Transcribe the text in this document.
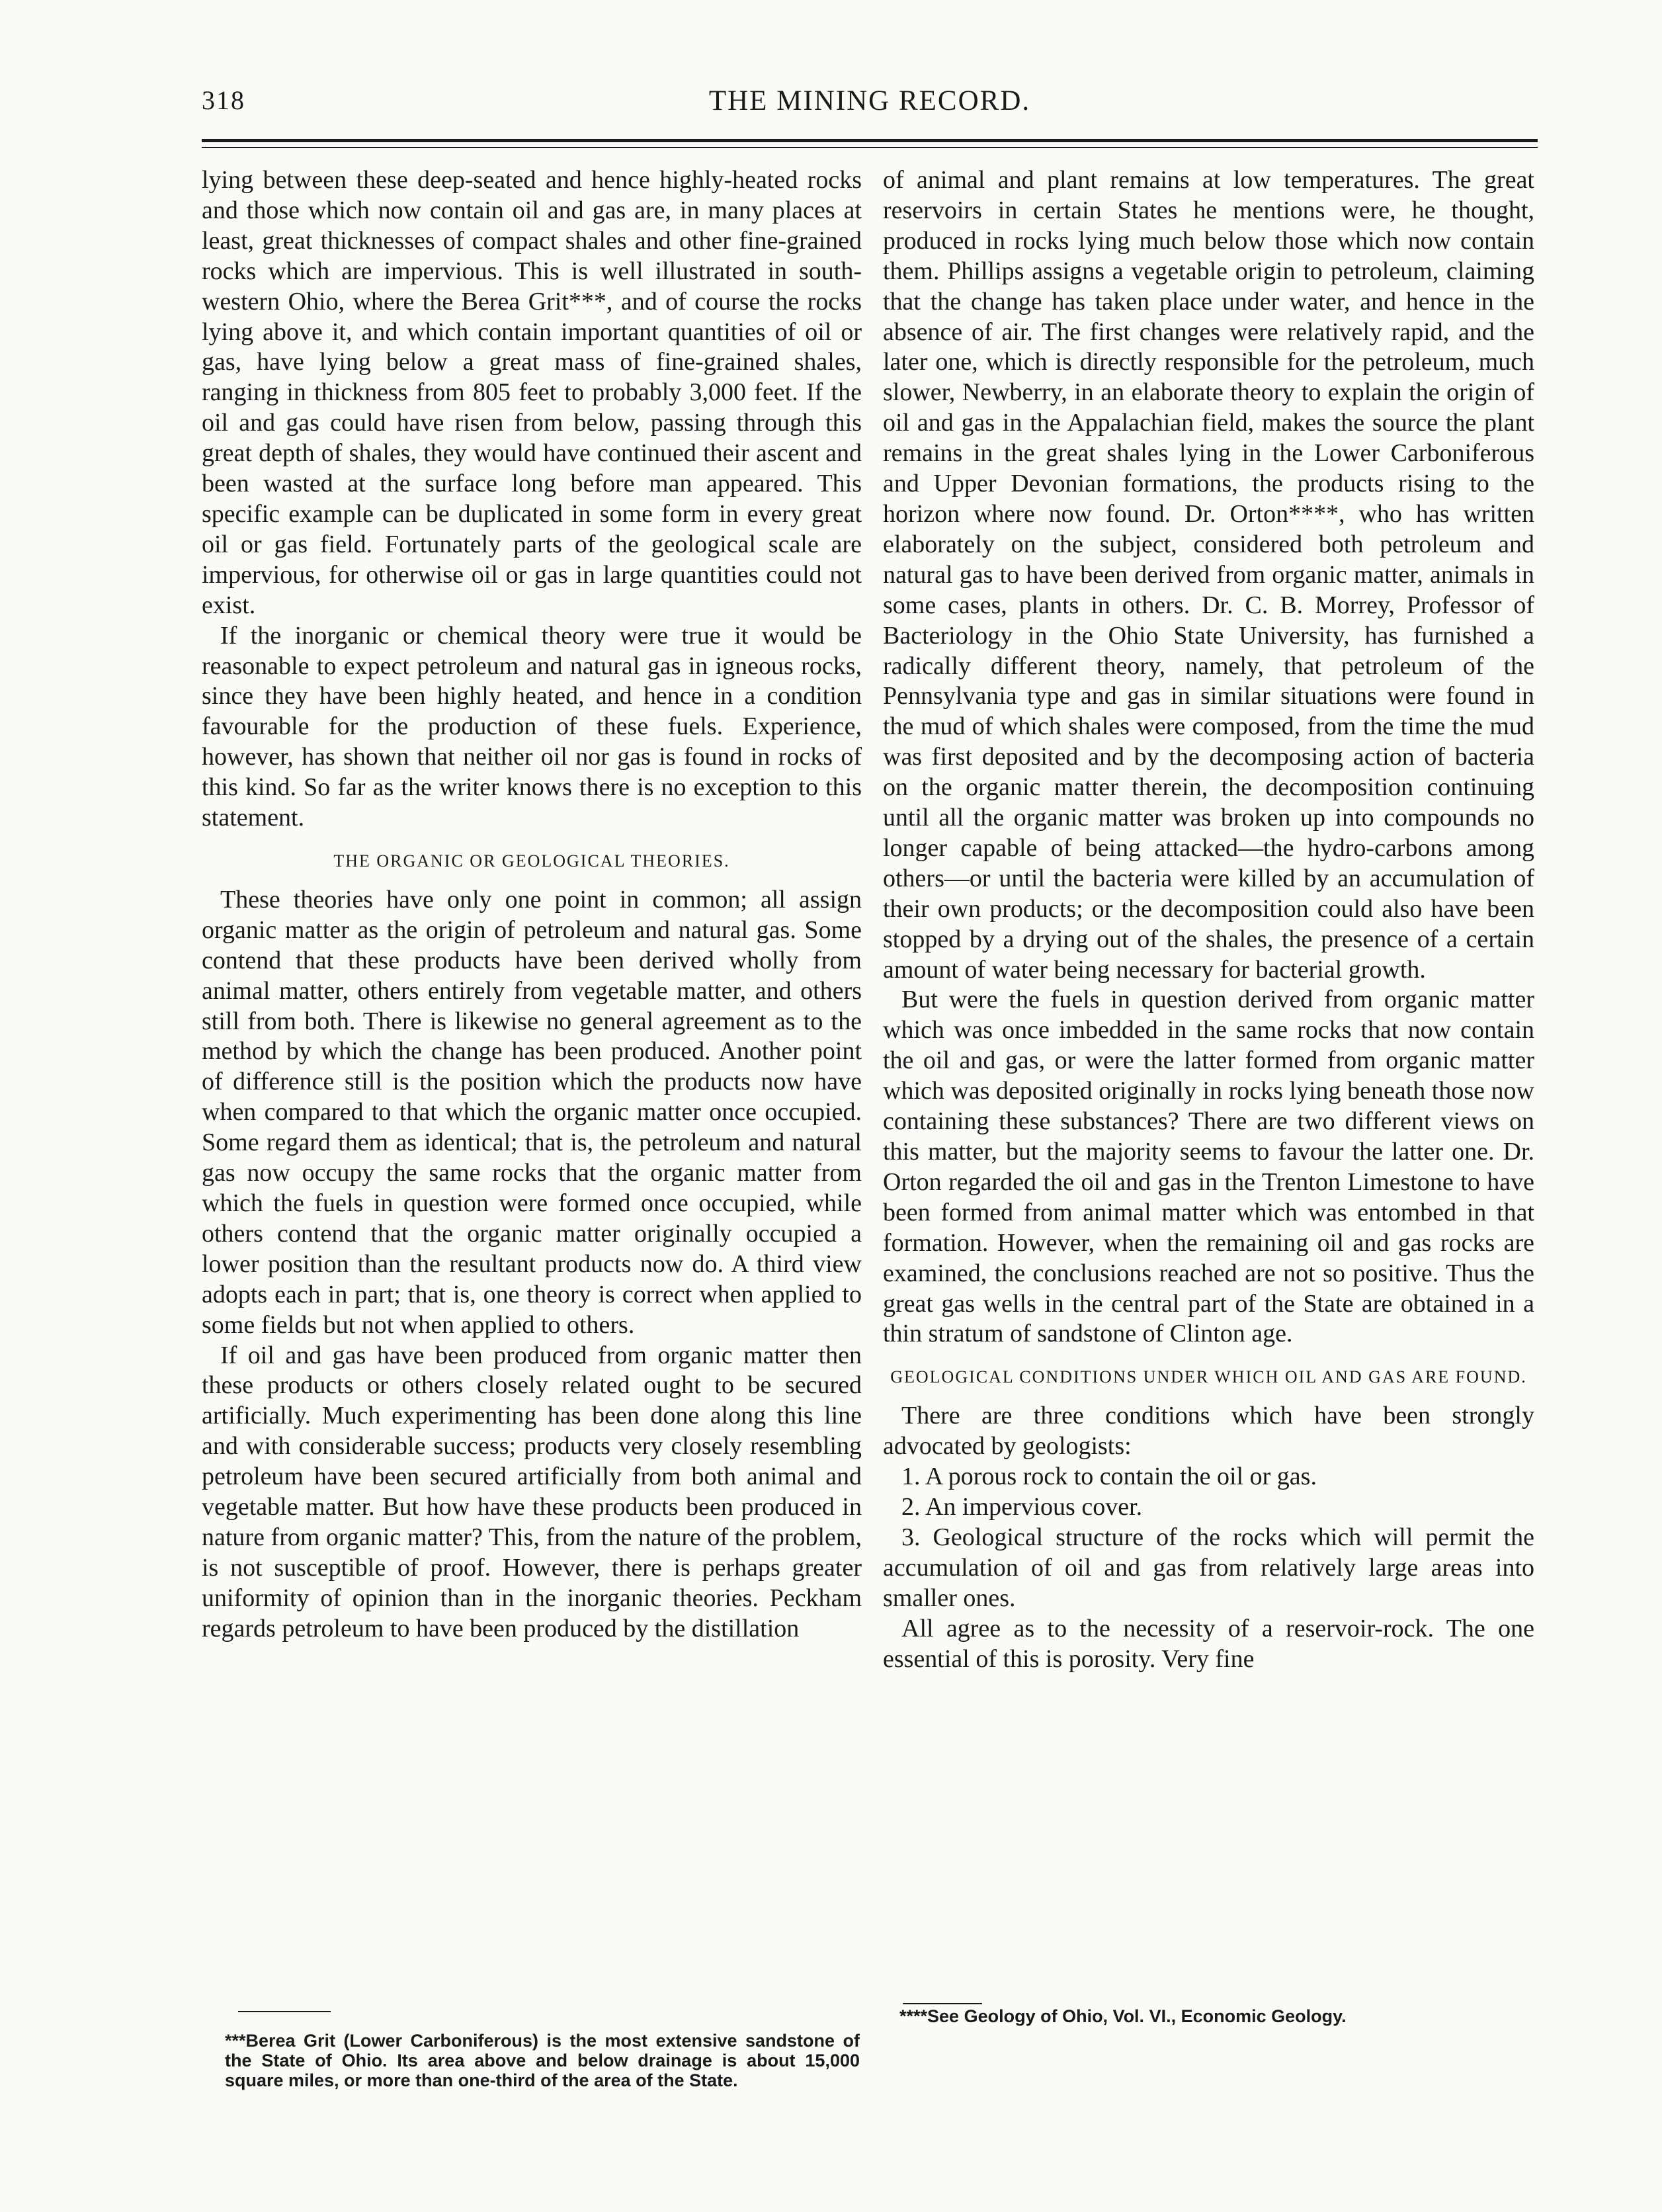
318	THE MINING RECORD.

lying between these deep-seated and hence highly-heated rocks and those which now contain oil and gas are, in many places at least, great thicknesses of compact shales and other fine-grained rocks which are impervious. This is well illustrated in south-western Ohio, where the Berea Grit***, and of course the rocks lying above it, and which contain important quantities of oil or gas, have lying below a great mass of fine-grained shales, ranging in thickness from 805 feet to probably 3,000 feet. If the oil and gas could have risen from below, passing through this great depth of shales, they would have continued their ascent and been wasted at the surface long before man appeared. This specific example can be duplicated in some form in every great oil or gas field. Fortunately parts of the geological scale are impervious, for otherwise oil or gas in large quantities could not exist.

If the inorganic or chemical theory were true it would be reasonable to expect petroleum and natural gas in igneous rocks, since they have been highly heated, and hence in a condition favourable for the production of these fuels. Experience, however, has shown that neither oil nor gas is found in rocks of this kind. So far as the writer knows there is no exception to this statement.

THE ORGANIC OR GEOLOGICAL THEORIES.

These theories have only one point in common; all assign organic matter as the origin of petroleum and natural gas. Some contend that these products have been derived wholly from animal matter, others entirely from vegetable matter, and others still from both. There is likewise no general agreement as to the method by which the change has been produced. Another point of difference still is the position which the products now have when compared to that which the organic matter once occupied. Some regard them as identical; that is, the petroleum and natural gas now occupy the same rocks that the organic matter from which the fuels in question were formed once occupied, while others contend that the organic matter originally occupied a lower position than the resultant products now do. A third view adopts each in part; that is, one theory is correct when applied to some fields but not when applied to others.

If oil and gas have been produced from organic matter then these products or others closely related ought to be secured artificially. Much experimenting has been done along this line and with considerable success; products very closely resembling petroleum have been secured artificially from both animal and vegetable matter. But how have these products been produced in nature from organic matter? This, from the nature of the problem, is not susceptible of proof. However, there is perhaps greater uniformity of opinion than in the inorganic theories. Peckham regards petroleum to have been produced by the distillation

of animal and plant remains at low temperatures. The great reservoirs in certain States he mentions were, he thought, produced in rocks lying much below those which now contain them. Phillips assigns a vegetable origin to petroleum, claiming that the change has taken place under water, and hence in the absence of air. The first changes were relatively rapid, and the later one, which is directly responsible for the petroleum, much slower, Newberry, in an elaborate theory to explain the origin of oil and gas in the Appalachian field, makes the source the plant remains in the great shales lying in the Lower Carboniferous and Upper Devonian formations, the products rising to the horizon where now found. Dr. Orton****, who has written elaborately on the subject, considered both petroleum and natural gas to have been derived from organic matter, animals in some cases, plants in others. Dr. C. B. Morrey, Professor of Bacteriology in the Ohio State University, has furnished a radically different theory, namely, that petroleum of the Pennsylvania type and gas in similar situations were found in the mud of which shales were composed, from the time the mud was first deposited and by the decomposing action of bacteria on the organic matter therein, the decomposition continuing until all the organic matter was broken up into compounds no longer capable of being attacked—the hydro-carbons among others—or until the bacteria were killed by an accumulation of their own products; or the decomposition could also have been stopped by a drying out of the shales, the presence of a certain amount of water being necessary for bacterial growth.

But were the fuels in question derived from organic matter which was once imbedded in the same rocks that now contain the oil and gas, or were the latter formed from organic matter which was deposited originally in rocks lying beneath those now containing these substances? There are two different views on this matter, but the majority seems to favour the latter one. Dr. Orton regarded the oil and gas in the Trenton Limestone to have been formed from animal matter which was entombed in that formation. However, when the remaining oil and gas rocks are examined, the conclusions reached are not so positive. Thus the great gas wells in the central part of the State are obtained in a thin stratum of sandstone of Clinton age.

GEOLOGICAL CONDITIONS UNDER WHICH OIL AND GAS ARE FOUND.

There are three conditions which have been strongly advocated by geologists:

1. A porous rock to contain the oil or gas.

2. An impervious cover.

3. Geological structure of the rocks which will permit the accumulation of oil and gas from relatively large areas into smaller ones.

All agree as to the necessity of a reservoir-rock. The one essential of this is porosity. Very fine

***Berea Grit (Lower Carboniferous) is the most extensive sandstone of the State of Ohio. Its area above and below drainage is about 15,000 square miles, or more than one-third of the area of the State.
****See Geology of Ohio, Vol. VI., Economic Geology.
